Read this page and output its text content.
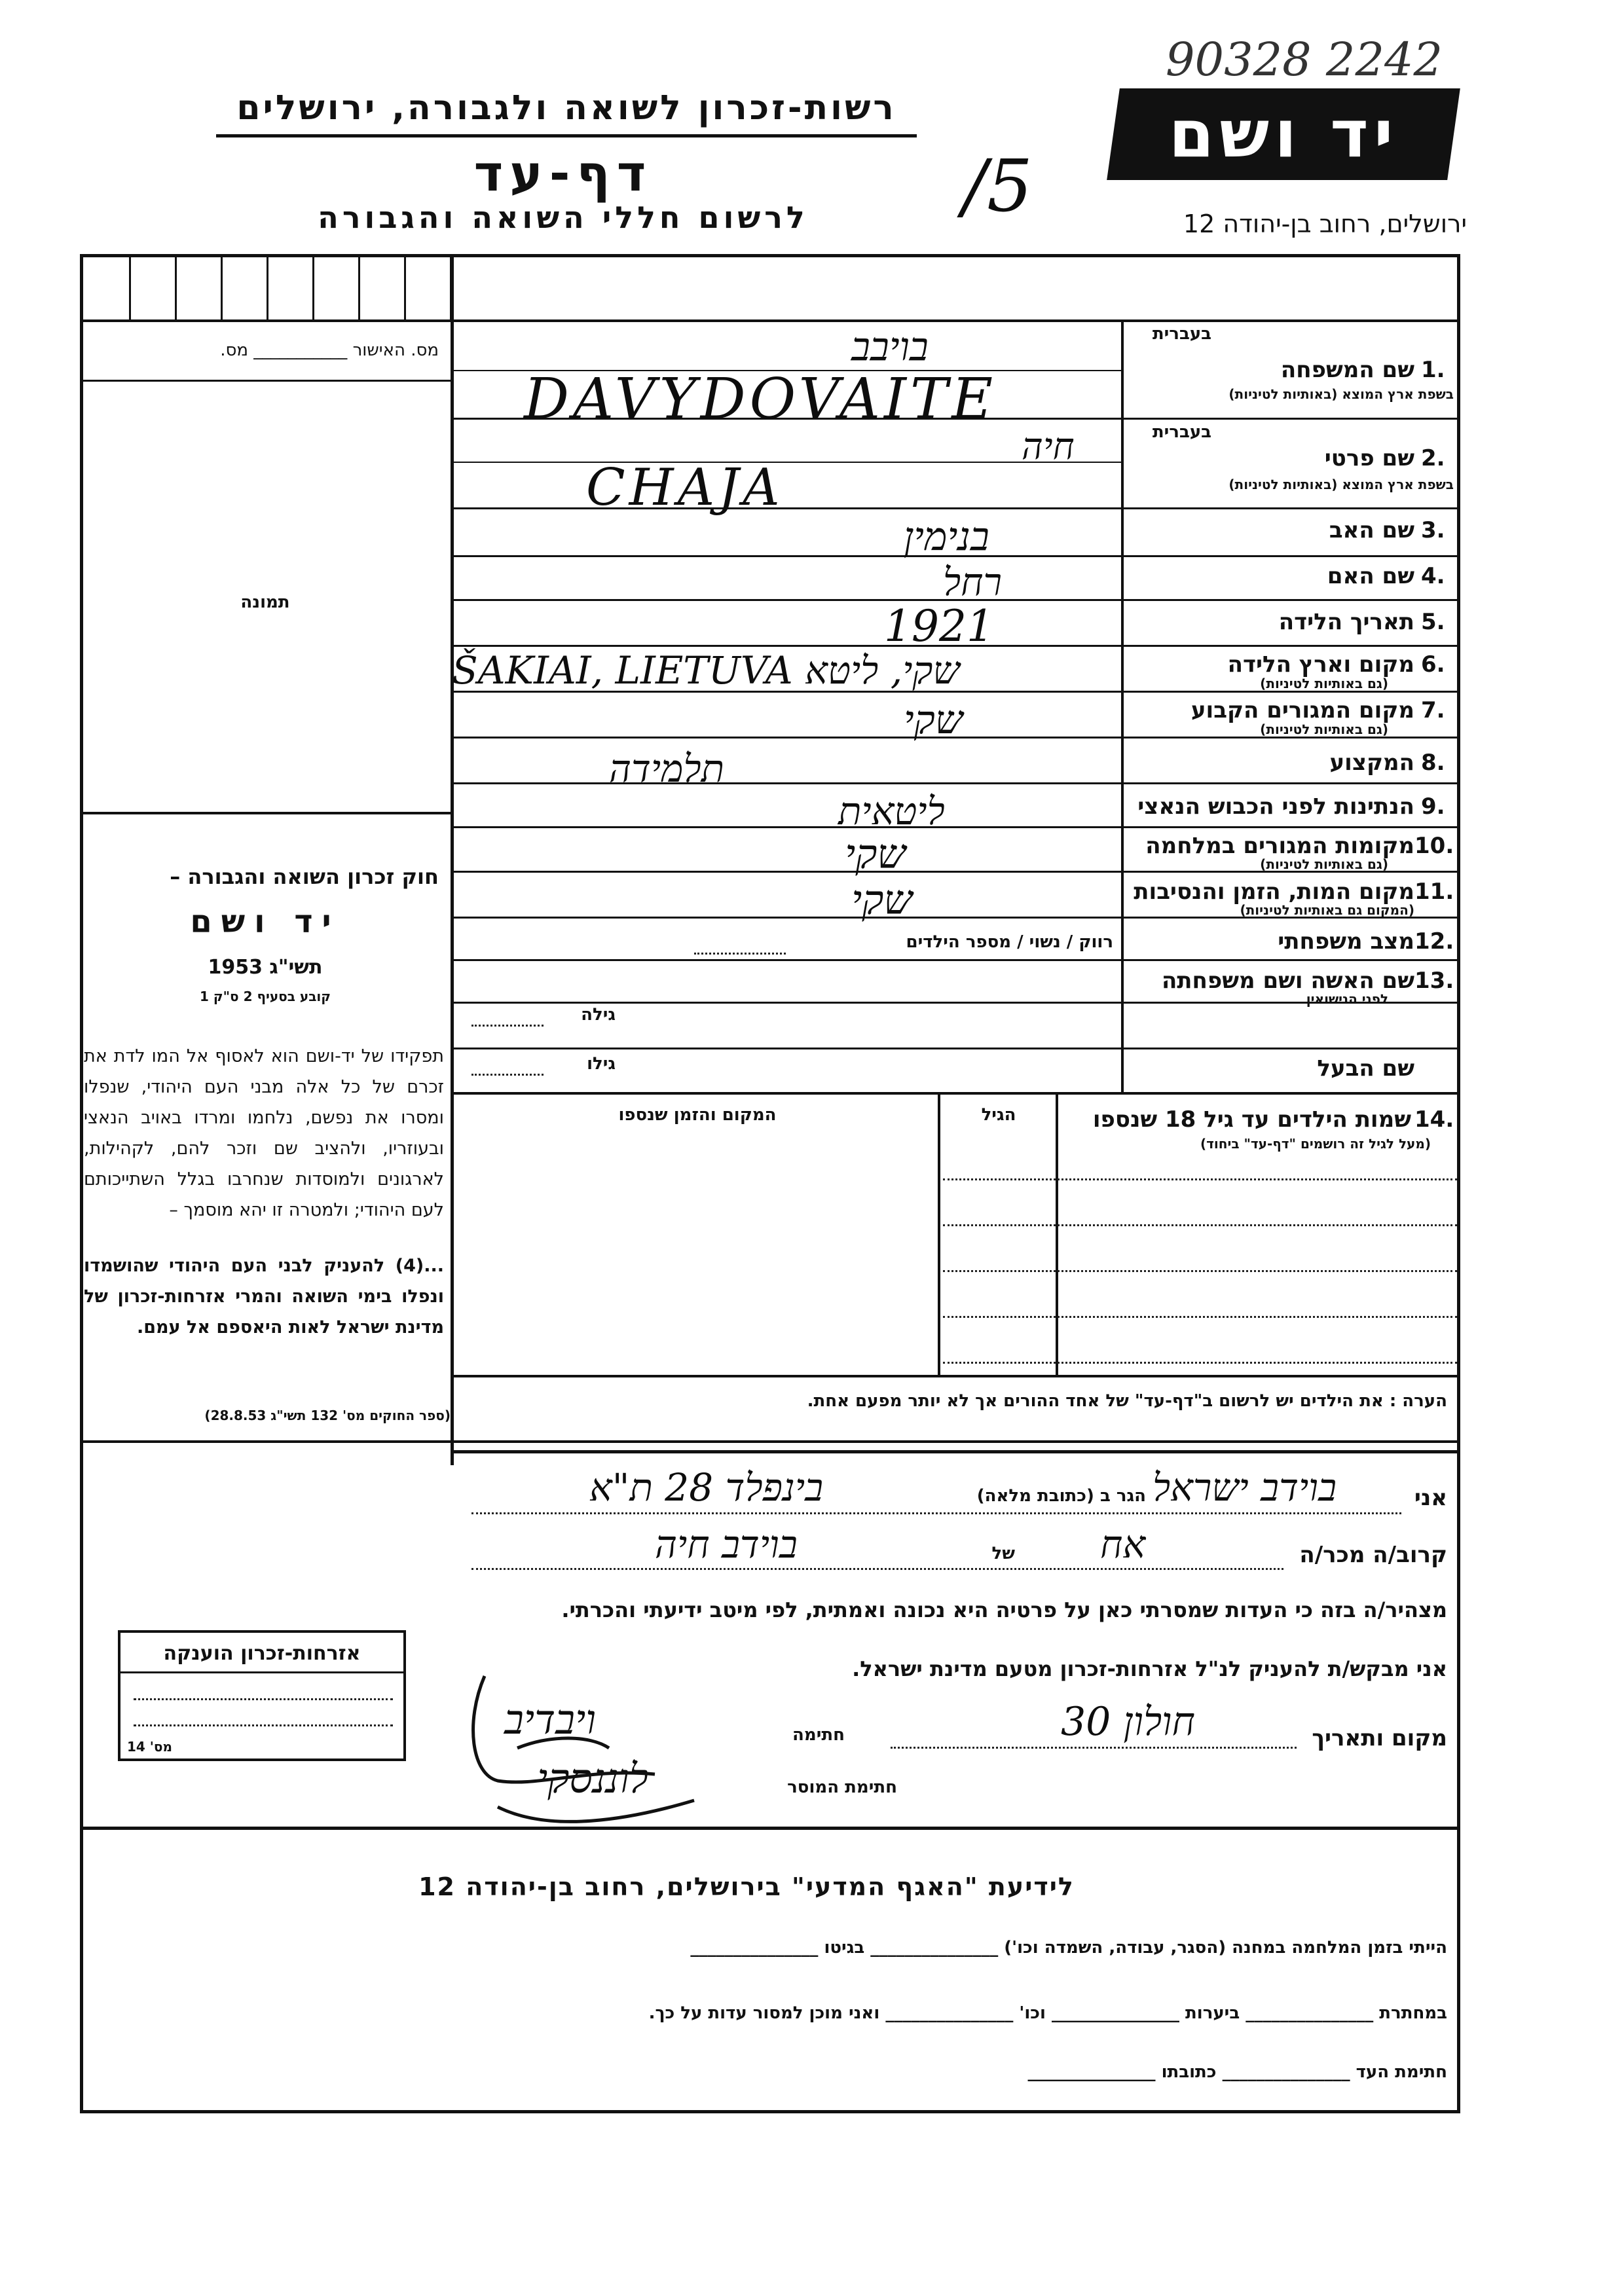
90328 2242
רשות-זכרון לשואה ולגבורה, ירושלים
דף-עד
לרשום חללי השואה והגבורה	/5
יד ושם
ירושלים, רחוב בן-יהודה 12
מס. האישור ___________ מס.
תמונה
חוק זכרון השואה והגבורה –
יד ושם
תשי"ג 1953
קובע בסעיף 2 ס"ק 1
תפקידו של יד-ושם הוא לאסוף אל המו לדת את זכרם של כל אלה מבני העם היהודי, שנפלו ומסרו את נפשם, נלחמו ומרדו באויב הנאצי ובעוזריו, ולהציב שם וזכר להם, לקהילות, לארגונים ולמוסדות שנחרבו בגלל השתייכותם לעם היהודי; ולמטרה זו יהא מוסמך –
...(4) להעניק לבני העם היהודי שהושמדו ונפלו בימי השואה והמרי אזרחות-זכרון של מדינת ישראל לאות היאספם אל עמם.
(ספר החוקים מס' 132 תשי"ג 28.8.53)
בעברית
שם המשפחה 1.
בשפת ארץ המוצא (באותיות לטיניות)
בויבב
DAVYDOVAITE	בעברית
שם פרטי 2.
בשפת ארץ המוצא (באותיות לטיניות)
חיה
CHAJA
שם האב 3.
בנימין
שם האם 4.
רחל
תאריך הלידה 5.
1921
מקום וארץ הלידה 6.
(גם באותיות לטיניות)
ŠAKIAI, LIETUVA שקי, ליטא
מקום המגורים הקבוע 7.
(גם באותיות לטיניות)
שקי
המקצוע 8.
תלמידה
הנתינות לפני הכבוש הנאצי 9.
ליטאית
מקומות המגורים במלחמה 10.
(גם באותיות לטיניות)
שקי
מקום המות, הזמן והנסיבות 11.
(המקום גם באותיות לטיניות)
שקי
מצב משפחתי 12.
רווק / נשוי / מספר הילדים
שם האשה ושם משפחתה 13.
לפני הנישואין
גילה
שם הבעל
גילו
14.
שמות הילדים עד גיל 18 שנספו
(מעל לגיל זה רושמים "דף-עד" ביחוד)
הגיל
המקום והזמן שנספו
הערה : את הילדים יש לרשום ב"דף-עד" של אחד ההורים אך לא יותר מפעם אחת.
אני
בוידב ישראל
הגר ב (כתובת מלאה)
בינפלד 28 ת"א
קרוב/ה מכר/ה
אח
של
בוידב חיה
מצהיר/ה בזה כי העדות שמסרתי כאן על פרטיה היא נכונה ואמתית, לפי מיטב ידיעתי והכרתי.
אני מבקש/ת להעניק לנ"ל אזרחות-זכרון מטעם מדינת ישראל.
מקום ותאריך
חולון 30
חתימה
ויבדיב
חתימת המוסר
לוננסקי
אזרחות-זכרון הוענקה
מס' 14
לידיעת "האגף המדעי" בירושלים, רחוב בן-יהודה 12
הייתי בזמן המלחמה במחנה (הסגר, עבודה, השמדה וכו') _______________ בגיטו _______________
במחתרת _______________ ביערות _______________ וכו' _______________ ואני מוכן למסור עדות על כך.
חתימת העד _______________ כתובתו _______________
